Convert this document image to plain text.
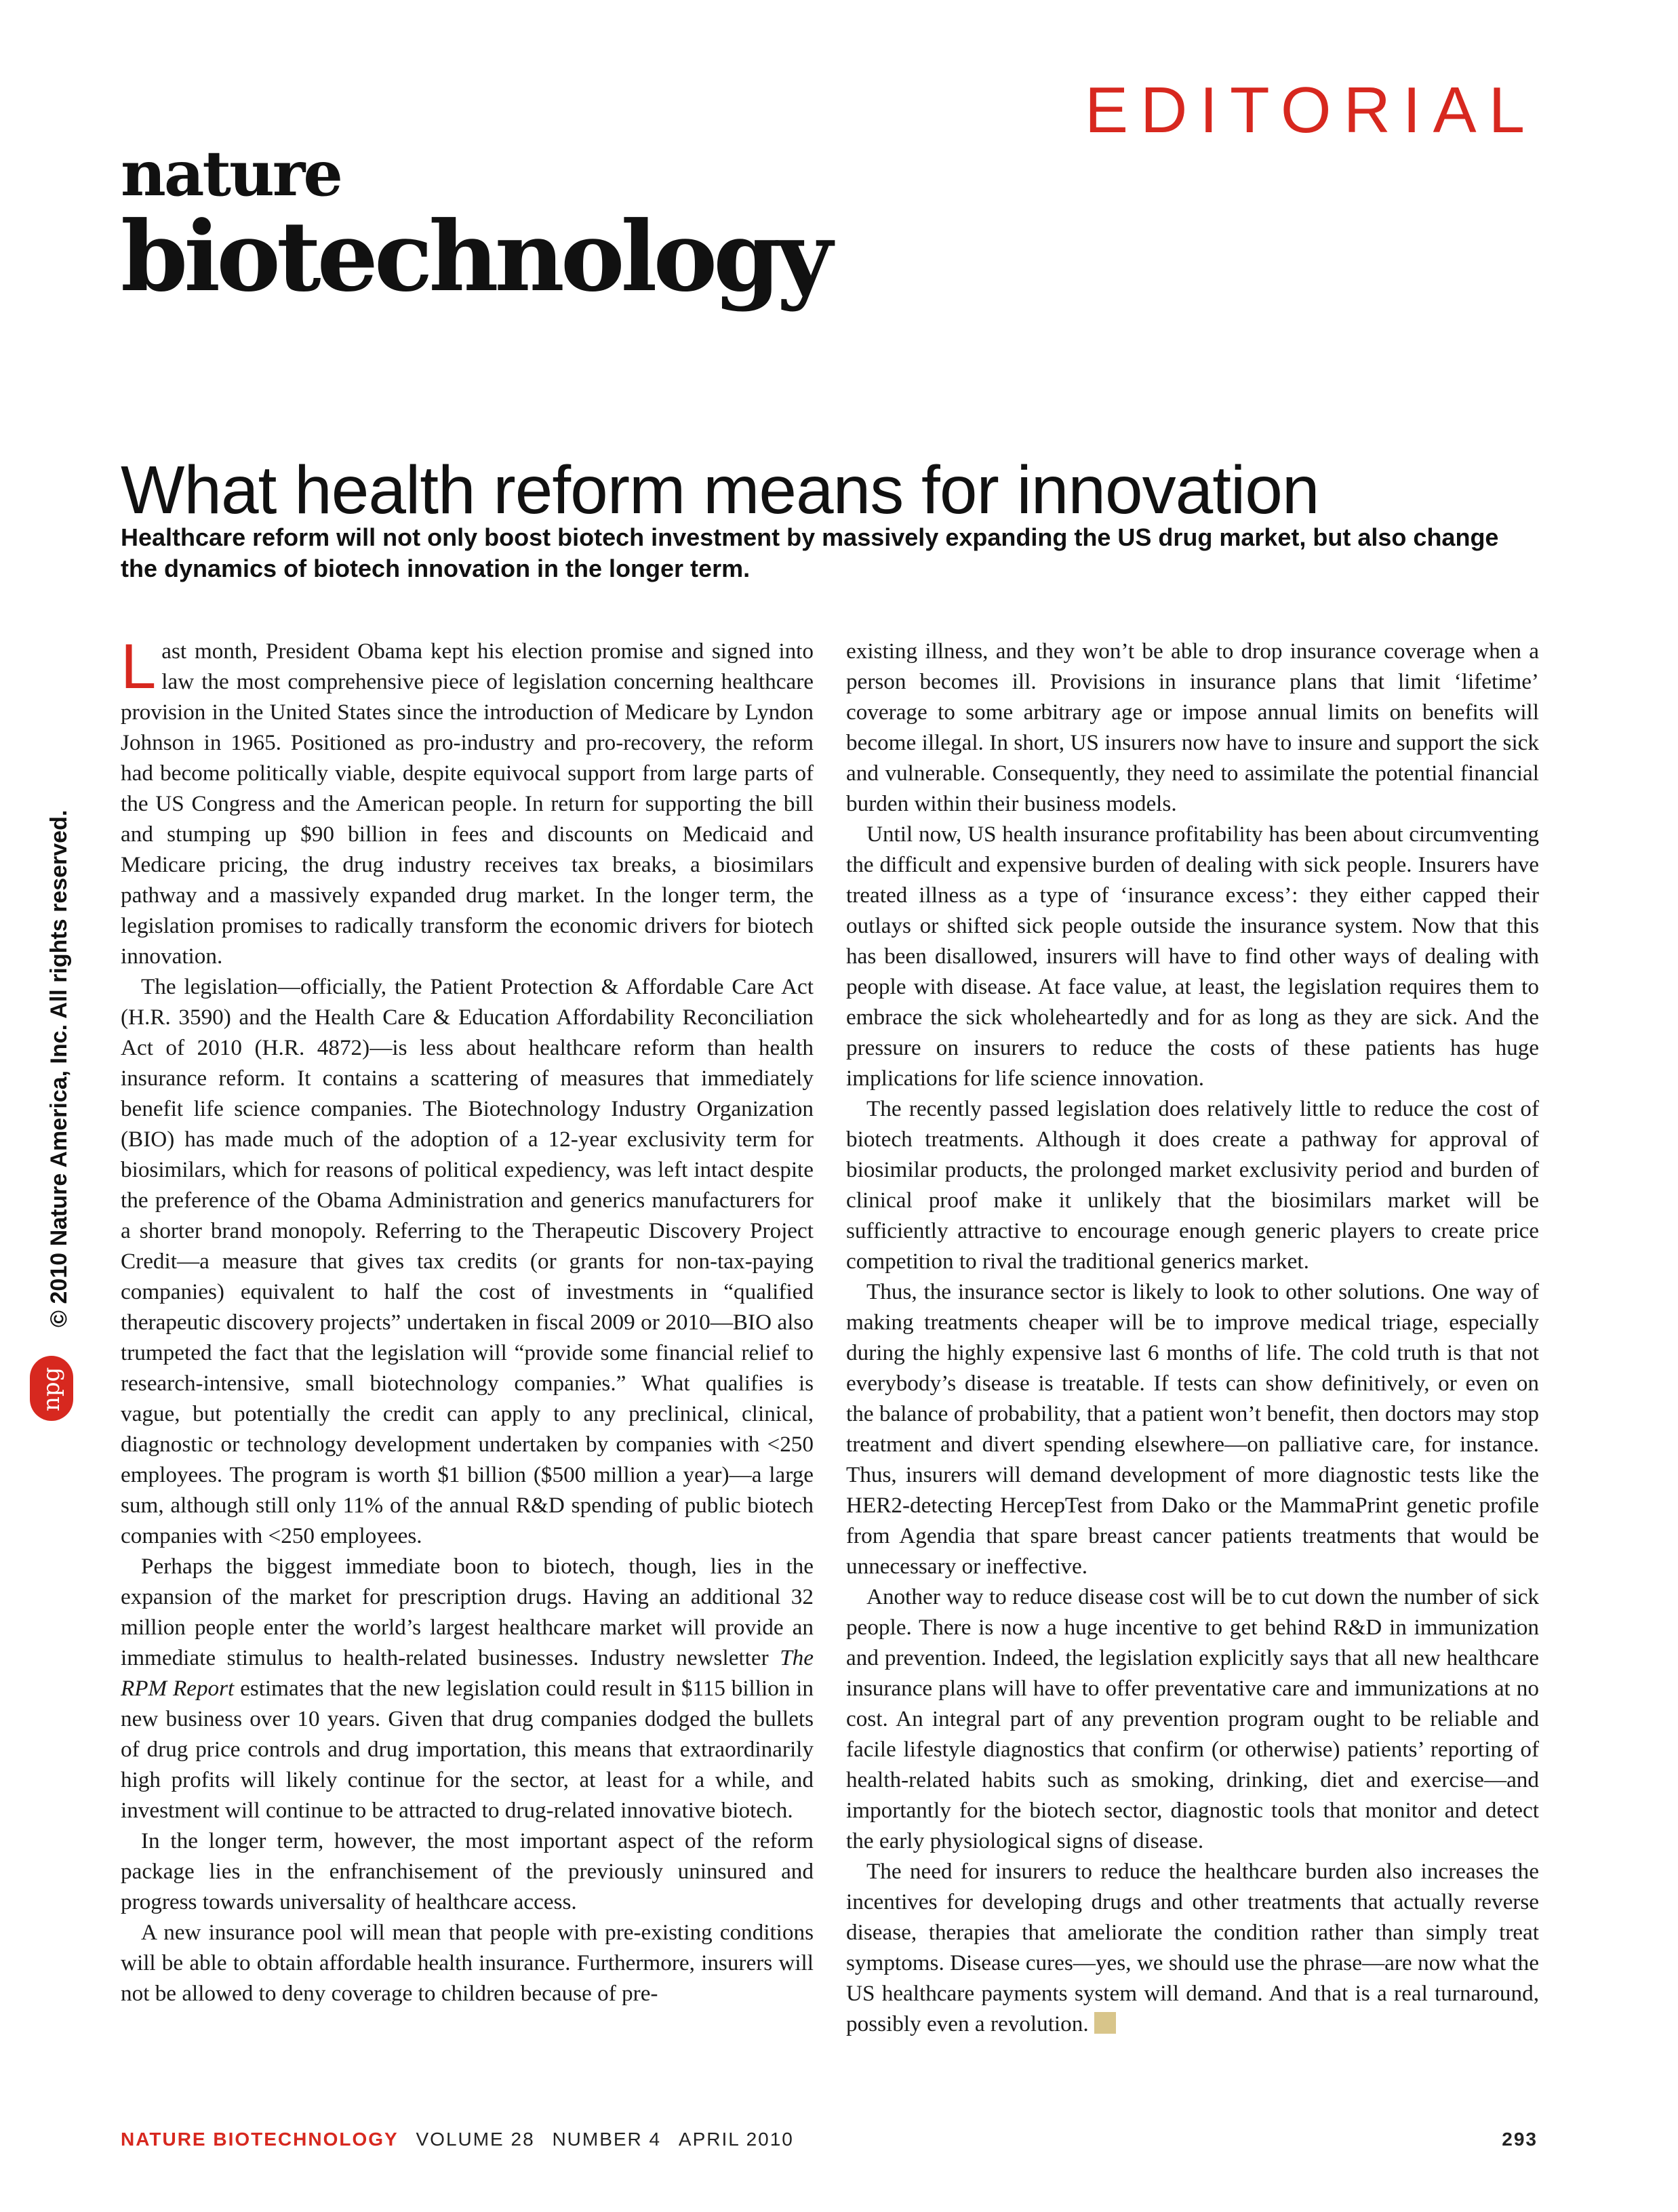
EDITORIAL
nature
biotechnology
What health reform means for innovation
Healthcare reform will not only boost biotech investment by massively expanding the US drug market, but also change the dynamics of biotech innovation in the longer term.
© 2010 Nature America, Inc. All rights reserved.
npg

Last month, President Obama kept his election promise and signed into law the most comprehensive piece of legislation concerning healthcare provision in the United States since the introduction of Medicare by Lyndon Johnson in 1965. Positioned as pro-industry and pro-recovery, the reform had become politically viable, despite equivocal support from large parts of the US Congress and the American people. In return for supporting the bill and stumping up $90 billion in fees and discounts on Medicaid and Medicare pricing, the drug industry receives tax breaks, a biosimilars pathway and a massively expanded drug market. In the longer term, the legislation promises to radically transform the economic drivers for biotech innovation.

The legislation—officially, the Patient Protection & Affordable Care Act (H.R. 3590) and the Health Care & Education Affordability Reconciliation Act of 2010 (H.R. 4872)—is less about healthcare reform than health insurance reform. It contains a scattering of measures that immediately benefit life science companies. The Biotechnology Industry Organization (BIO) has made much of the adoption of a 12-year exclusivity term for biosimilars, which for reasons of political expediency, was left intact despite the preference of the Obama Administration and generics manufacturers for a shorter brand monopoly. Referring to the Therapeutic Discovery Project Credit—a measure that gives tax credits (or grants for non-tax-paying companies) equivalent to half the cost of investments in “qualified therapeutic discovery projects” undertaken in fiscal 2009 or 2010—BIO also trumpeted the fact that the legislation will “provide some financial relief to research-intensive, small biotechnology companies.” What qualifies is vague, but potentially the credit can apply to any preclinical, clinical, diagnostic or technology development undertaken by companies with <250 employees. The program is worth $1 billion ($500 million a year)—a large sum, although still only 11% of the annual R&D spending of public biotech companies with <250 employees.

Perhaps the biggest immediate boon to biotech, though, lies in the expansion of the market for prescription drugs. Having an additional 32 million people enter the world’s largest healthcare market will provide an immediate stimulus to health-related businesses. Industry newsletter The RPM Report estimates that the new legislation could result in $115 billion in new business over 10 years. Given that drug companies dodged the bullets of drug price controls and drug importation, this means that extraordinarily high profits will likely continue for the sector, at least for a while, and investment will continue to be attracted to drug-related innovative biotech.

In the longer term, however, the most important aspect of the reform package lies in the enfranchisement of the previously uninsured and progress towards universality of healthcare access.

A new insurance pool will mean that people with pre-existing conditions will be able to obtain affordable health insurance. Furthermore, insurers will not be allowed to deny coverage to children because of pre-

existing illness, and they won’t be able to drop insurance coverage when a person becomes ill. Provisions in insurance plans that limit ‘lifetime’ coverage to some arbitrary age or impose annual limits on benefits will become illegal. In short, US insurers now have to insure and support the sick and vulnerable. Consequently, they need to assimilate the potential financial burden within their business models.

Until now, US health insurance profitability has been about circumventing the difficult and expensive burden of dealing with sick people. Insurers have treated illness as a type of ‘insurance excess’: they either capped their outlays or shifted sick people outside the insurance system. Now that this has been disallowed, insurers will have to find other ways of dealing with people with disease. At face value, at least, the legislation requires them to embrace the sick wholeheartedly and for as long as they are sick. And the pressure on insurers to reduce the costs of these patients has huge implications for life science innovation.

The recently passed legislation does relatively little to reduce the cost of biotech treatments. Although it does create a pathway for approval of biosimilar products, the prolonged market exclusivity period and burden of clinical proof make it unlikely that the biosimilars market will be sufficiently attractive to encourage enough generic players to create price competition to rival the traditional generics market.

Thus, the insurance sector is likely to look to other solutions. One way of making treatments cheaper will be to improve medical triage, especially during the highly expensive last 6 months of life. The cold truth is that not everybody’s disease is treatable. If tests can show definitively, or even on the balance of probability, that a patient won’t benefit, then doctors may stop treatment and divert spending elsewhere—on palliative care, for instance. Thus, insurers will demand development of more diagnostic tests like the HER2-detecting HercepTest from Dako or the MammaPrint genetic profile from Agendia that spare breast cancer patients treatments that would be unnecessary or ineffective.

Another way to reduce disease cost will be to cut down the number of sick people. There is now a huge incentive to get behind R&D in immunization and prevention. Indeed, the legislation explicitly says that all new healthcare insurance plans will have to offer preventative care and immunizations at no cost. An integral part of any prevention program ought to be reliable and facile lifestyle diagnostics that confirm (or otherwise) patients’ reporting of health-related habits such as smoking, drinking, diet and exercise—and importantly for the biotech sector, diagnostic tools that monitor and detect the early physiological signs of disease.

The need for insurers to reduce the healthcare burden also increases the incentives for developing drugs and other treatments that actually reverse disease, therapies that ameliorate the condition rather than simply treat symptoms. Disease cures—yes, we should use the phrase—are now what the US healthcare payments system will demand. And that is a real turnaround, possibly even a revolution.

NATURE BIOTECHNOLOGY VOLUME 28 NUMBER 4 APRIL 2010	293
